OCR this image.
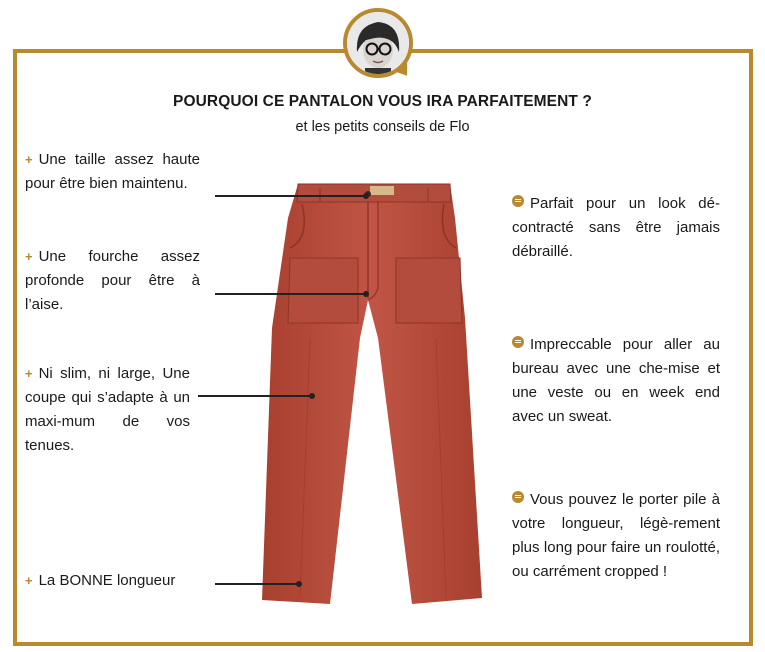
POURQUOI CE PANTALON VOUS IRA PARFAITEMENT ?
et les petits conseils de Flo
+ Une taille assez haute pour être bien maintenu.
+ Une fourche assez profonde pour être à l’aise.
+ Ni slim, ni large, Une coupe qui s’adapte à un maxi-mum de vos tenues.
+ La BONNE longueur
Parfait pour un look dé-contracté sans être jamais débraillé.
Impreccable pour aller au bureau avec une che-mise et une veste ou en week end avec un sweat.
Vous pouvez le porter pile à votre longueur, légè-rement plus long pour faire un roulotté, ou carrément cropped !
